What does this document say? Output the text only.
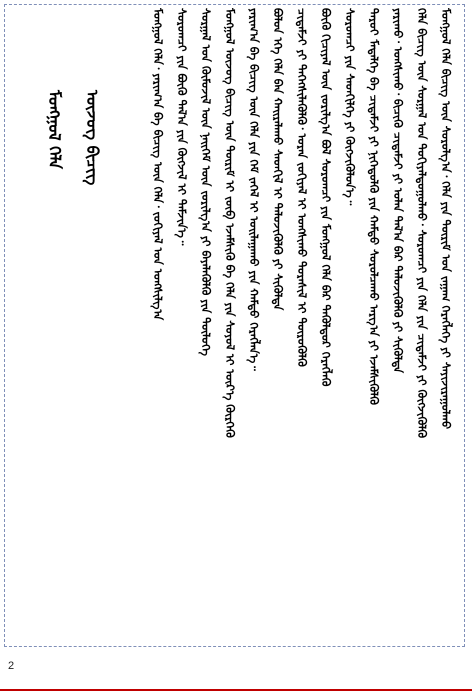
ᠮᠣᠩᠭᠣᠯ ᠬᠡᠯᠡ ᠪᠢᠴᠢᠭ ᠦᠨ ᠰᠤᠷᠤᠯᠭ᠎ᠠ᠂ ᠬᠡᠯᠡ ᠶᠢᠨ ᠳᠦᠷᠢᠮ ᠤᠨ ᠵᠠᠭᠠᠭ ᠬᠡᠷᠡᠭᠯᠡᠭᠡ ᠶᠢ ᠰᠠᠶᠢᠵᠢᠷᠠᠭᠤᠯᠬᠤ
ᠬᠡᠯᠡ ᠪᠢᠴᠢᠭ ᠦᠨ ᠰᠤᠷᠭᠠᠯ ᠤᠨ ᠲᠣᠬᠢᠶᠠᠯᠳᠤᠭᠤᠯᠬᠤ᠂ ᠰᠤᠷᠤᠭᠴᠢ ᠶᠢᠨ ᠬᠡᠯᠡ ᠶᠢᠨ ᠴᠢᠳᠠᠮᠵᠢ ᠶᠢ ᠬᠥᠭᠵᠢᠭᠦᠯᠬᠦ
ᠶᠠᠷᠢᠬᠤ᠂ ᠤᠩᠰᠢᠬᠤ᠂ ᠪᠢᠴᠢᠬᠦ ᠴᠢᠳᠠᠮᠵᠢ ᠶᠢ ᠣᠯᠠᠨ ᠲᠠᠯ᠎ᠠ ᠪᠡᠷ ᠲᠡᠯᠦᠵᠢᠭᠦᠯᠬᠦ ᠶᠢ ᠰᠢᠭᠦᠯᠲᠡ
ᠳᠠᠷᠤᠢ ᠮᠡᠳᠡᠯᠭᠡ ᠪᠠ ᠴᠢᠳᠠᠮᠵᠢ ᠶᠢ ᠨᠢᠭᠡᠲᠦᠯᠬᠦ ᠶᠢᠨ ᠬᠠᠮᠲᠤ ᠰᠤᠷᠤᠯᠴᠠᠬᠤ ᠠᠷᠭ᠎ᠠ ᠶᠢ ᠡᠵᠡᠮᠰᠢᠭᠦᠯᠬᠦ
ᠰᠤᠷᠤᠭᠴᠢ ᠶᠢᠨ ᠰᠡᠳᠬᠢᠯᠭᠡ ᠶᠢ ᠬᠥᠭᠵᠢᠭᠦᠯᠦᠨ᠎ᠡ᠃
ᠪᠦᠬᠦ ᠬᠢᠴᠢᠶᠡᠯ ᠦᠨ ᠵᠣᠷᠢᠯᠭ᠎ᠠ ᠪᠣᠯ ᠰᠤᠷᠤᠭᠴᠢ ᠶᠢᠨ ᠮᠣᠩᠭᠣᠯ ᠬᠡᠯᠡ ᠪᠡᠷ ᠲᠡᠭᠦᠯᠳᠦᠷ ᠬᠡᠷᠡᠭᠯᠡᠬᠦ
ᠴᠢᠳᠠᠮᠵᠢ ᠶᠢ ᠳᠡᠭᠡᠭᠰᠢᠯᠡᠭᠦᠯᠬᠦ᠂ ᠤᠷᠠᠨ ᠵᠣᠬᠢᠶᠠᠯ ᠢ ᠤᠩᠰᠢᠬᠤ ᠳᠤᠷᠠᠰᠢᠯ ᠢ ᠲᠥᠷᠦᠭᠦᠯᠬᠦ
ᠪᠤᠯᠤᠨ ᠡᠬᠡ ᠬᠡᠯᠡ ᠪᠡᠨ ᠬᠠᠢᠷᠠᠯᠠᠬᠤ ᠰᠡᠳᠬᠢᠯ ᠢ ᠲᠡᠯᠦᠵᠢᠭᠦᠯᠬᠦ ᠶᠢ ᠰᠢᠭᠦᠯᠲᠡ
ᠶᠠᠷᠢᠭ᠎ᠠ ᠪᠠ ᠪᠢᠴᠢᠭ ᠦᠨ ᠬᠡᠯᠡ ᠶᠢᠨ ᠬᠡᠮ ᠵᠡᠭᠡᠯ ᠢ ᠣᠢᠯᠠᠭᠠᠬᠤ ᠶᠢᠨ ᠬᠠᠮᠲᠤ ᠬᠡᠷᠡᠭᠯᠡᠨ᠎ᠡ᠃
ᠮᠣᠩᠭᠣᠯ ᠦᠵᠦᠭ ᠪᠢᠴᠢᠭ ᠦᠨ ᠳᠦᠷᠢᠮ ᠢ ᠵᠥᠪ ᠡᠵᠡᠮᠰᠢᠬᠦ ᠪᠠ ᠬᠡᠯᠡ ᠶᠢᠨ ᠰᠣᠶᠣᠯ ᠢ ᠦᠷ᠎ᠡ ᠬᠦᠷᠭᠡᠬᠦ
ᠰᠤᠷᠭᠠᠯ ᠤᠨ ᠬᠦᠮᠦᠵᠢᠯ ᠦᠨ ᠨᠡᠢᠭᠡᠮ ᠦᠨ ᠵᠣᠷᠢᠯᠭ᠎ᠠ ᠶᠢ ᠪᠡᠶᠡᠯᠡᠭᠦᠯᠬᠦ ᠶᠢᠨ ᠲᠥᠯᠦᠭᠡ
ᠰᠤᠷᠤᠭᠴᠢ ᠶᠢᠨ ᠪᠦᠬᠦ ᠲᠠᠯ᠎ᠠ ᠶᠢᠨ ᠬᠥᠭᠵᠢᠯ ᠢ ᠳᠡᠮᠵᠢᠨ᠎ᠡ᠃
ᠮᠣᠩᠭᠣᠯ ᠬᠡᠯᠡ᠂ ᠶᠠᠷᠢᠭ᠎ᠠ ᠪᠠ ᠪᠢᠴᠢᠭ ᠦᠨ ᠬᠡᠯᠡ᠂ ᠵᠣᠬᠢᠶᠠᠯ ᠤᠨ ᠤᠩᠰᠢᠯᠭ᠎ᠠ
ᠮᠣᠩᠭᠣᠯ ᠬᠡᠯᠡ	ᠦᠵᠦᠭ ᠪᠢᠴᠢᠭ᠌
2
